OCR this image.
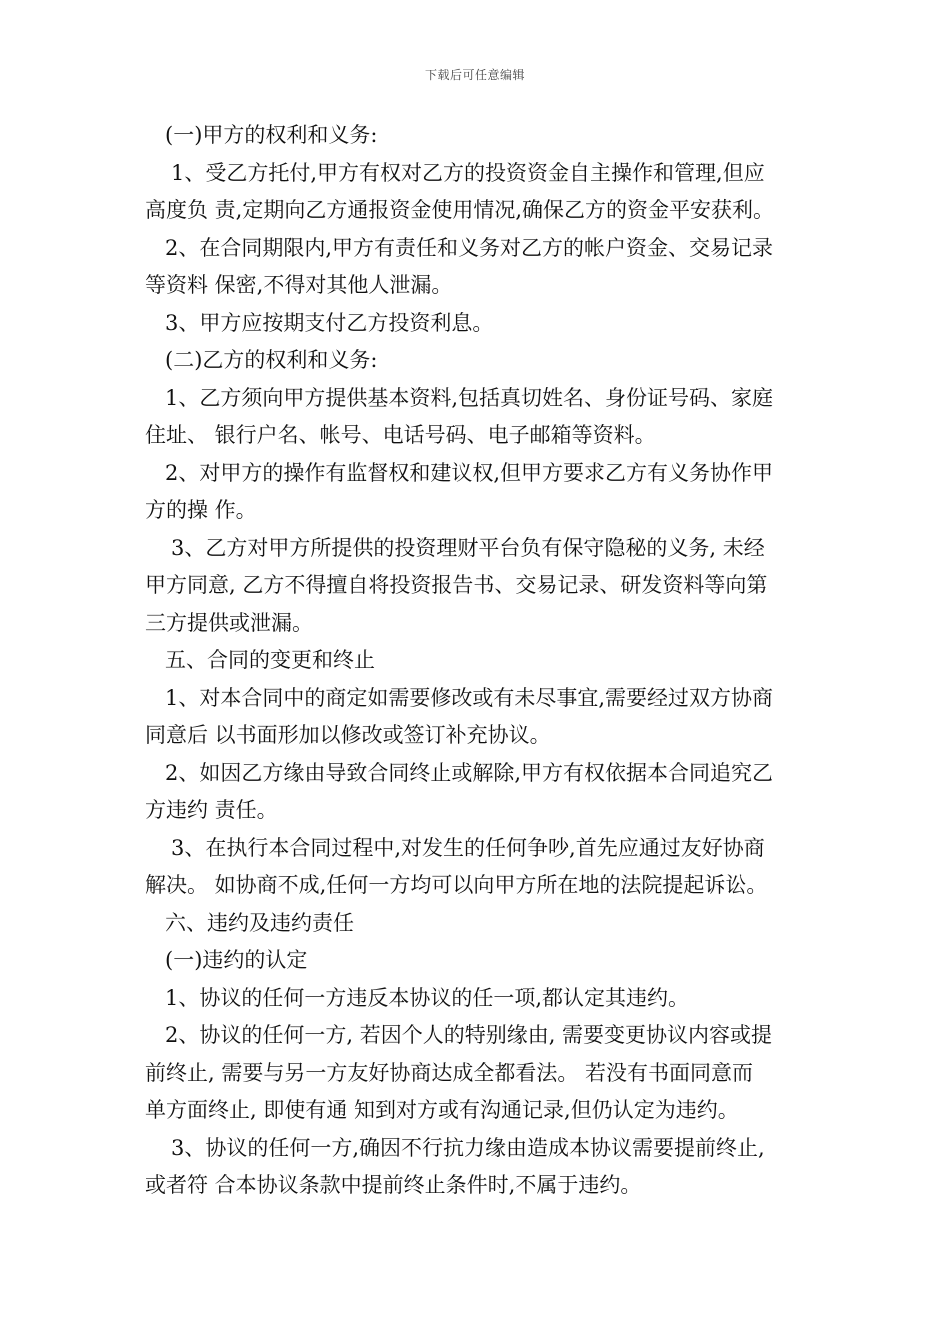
下载后可任意编辑
(一)甲方的权利和义务:
1、受乙方托付,甲方有权对乙方的投资资金自主操作和管理,但应
高度负 责,定期向乙方通报资金使用情况,确保乙方的资金平安获利。
2、在合同期限内,甲方有责任和义务对乙方的帐户资金、交易记录
等资料 保密,不得对其他人泄漏。
3、甲方应按期支付乙方投资利息。
(二)乙方的权利和义务:
1、乙方须向甲方提供基本资料,包括真切姓名、身份证号码、家庭
住址、 银行户名、帐号、电话号码、电子邮箱等资料。
2、对甲方的操作有监督权和建议权,但甲方要求乙方有义务协作甲
方的操 作。
3、乙方对甲方所提供的投资理财平台负有保守隐秘的义务, 未经
甲方同意, 乙方不得擅自将投资报告书、交易记录、研发资料等向第
三方提供或泄漏。
五、合同的变更和终止
1、对本合同中的商定如需要修改或有未尽事宜,需要经过双方协商
同意后 以书面形加以修改或签订补充协议。
2、如因乙方缘由导致合同终止或解除,甲方有权依据本合同追究乙
方违约 责任。
3、在执行本合同过程中,对发生的任何争吵,首先应通过友好协商
解决。 如协商不成,任何一方均可以向甲方所在地的法院提起诉讼。
六、违约及违约责任
(一)违约的认定
1、协议的任何一方违反本协议的任一项,都认定其违约。
2、协议的任何一方, 若因个人的特别缘由, 需要变更协议内容或提
前终止, 需要与另一方友好协商达成全都看法。 若没有书面同意而
单方面终止, 即使有通 知到对方或有沟通记录,但仍认定为违约。
3、协议的任何一方,确因不行抗力缘由造成本协议需要提前终止,
或者符 合本协议条款中提前终止条件时,不属于违约。
